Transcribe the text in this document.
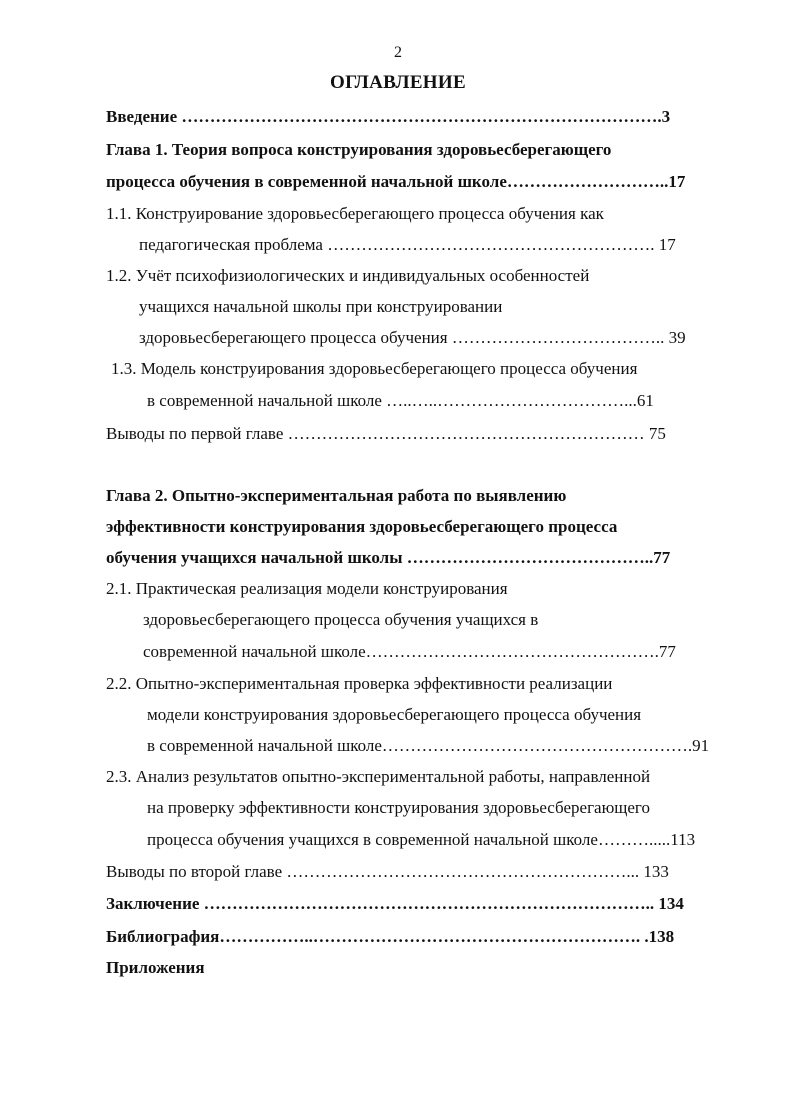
2
ОГЛАВЛЕНИЕ
Введение ………………………………………………………………………….3
Глава 1. Теория вопроса конструирования здоровьесберегающего
процесса обучения в современной начальной школе………………………..17
1.1. Конструирование здоровьесберегающего процесса обучения как
педагогическая проблема …………………………………………………. 17
1.2. Учёт психофизиологических и индивидуальных особенностей
учащихся начальной школы при конструировании
здоровьесберегающего процесса обучения ……………………………….. 39
1.3. Модель конструирования здоровьесберегающего процесса обучения
в современной начальной школе …..…..……………………………...61
Выводы по первой главе ……………………………………………………… 75
Глава 2. Опытно-экспериментальная работа по выявлению
эффективности конструирования здоровьесберегающего процесса
обучения учащихся начальной школы ……………………………………..77
2.1. Практическая реализация модели конструирования
здоровьесберегающего процесса обучения учащихся в
современной начальной школе…………………………………………….77
2.2. Опытно-экспериментальная проверка эффективности реализации
модели конструирования здоровьесберегающего процесса обучения
в современной начальной школе……………………………………………….91
2.3. Анализ результатов опытно-экспериментальной работы, направленной
на проверку эффективности конструирования здоровьесберегающего
процесса обучения учащихся в современной начальной школе……….....113
Выводы по второй главе ……………………………………………………... 133
Заключение …………………………………………………………………….. 134
Библиография……………..…………………………………………………. .138
Приложения
